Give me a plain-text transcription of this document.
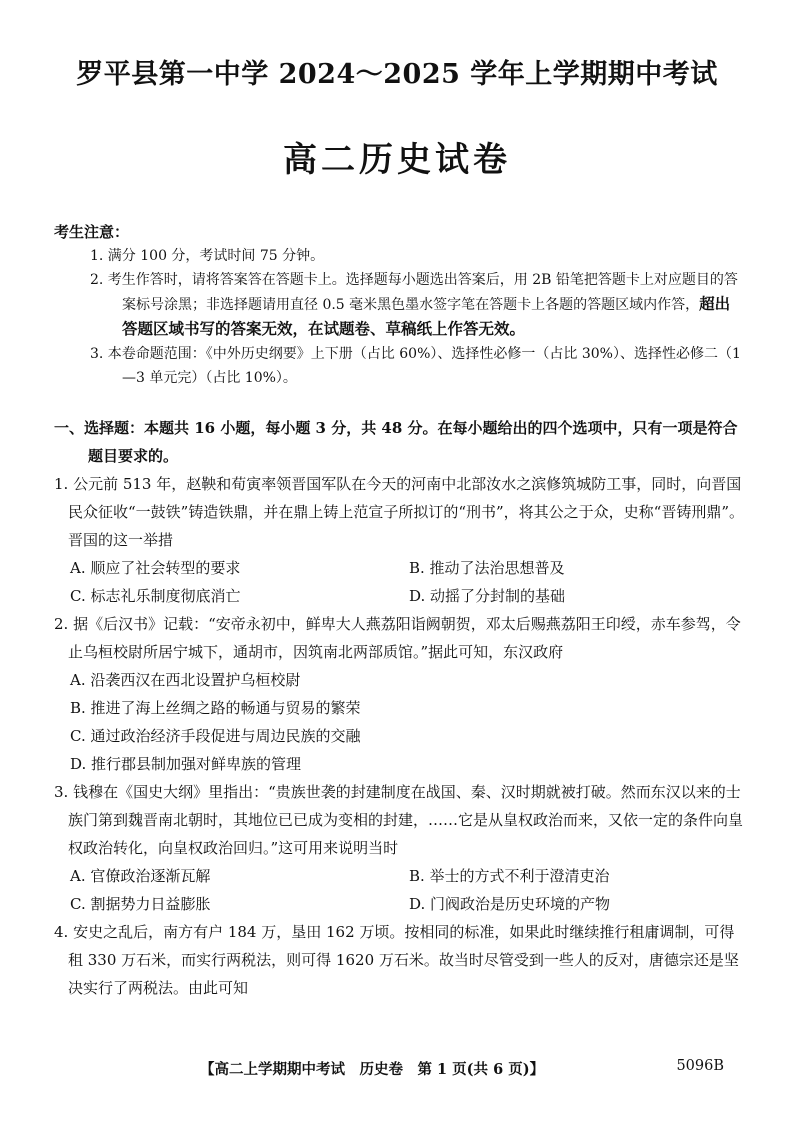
罗平县第一中学 2024～2025 学年上学期期中考试
高二历史试卷
考生注意：
1. 满分 100 分，考试时间 75 分钟。
2. 考生作答时，请将答案答在答题卡上。选择题每小题选出答案后，用 2B 铅笔把答题卡上对应题目的答案标号涂黑；非选择题请用直径 0.5 毫米黑色墨水签字笔在答题卡上各题的答题区域内作答，超出答题区域书写的答案无效，在试题卷、草稿纸上作答无效。
3. 本卷命题范围：《中外历史纲要》上下册（占比 60%）、选择性必修一（占比 30%）、选择性必修二（1—3 单元完）（占比 10%）。
一、选择题：本题共 16 小题，每小题 3 分，共 48 分。在每小题给出的四个选项中，只有一项是符合题目要求的。
1. 公元前 513 年，赵鞅和荀寅率领晋国军队在今天的河南中北部汝水之滨修筑城防工事，同时，向晋国民众征收“一鼓铁”铸造铁鼎，并在鼎上铸上范宣子所拟订的“刑书”，将其公之于众，史称“晋铸刑鼎”。晋国的这一举措
A. 顺应了社会转型的要求	B. 推动了法治思想普及
C. 标志礼乐制度彻底消亡	D. 动摇了分封制的基础
2. 据《后汉书》记载：“安帝永初中，鲜卑大人燕荔阳诣阙朝贺，邓太后赐燕荔阳王印绶，赤车参驾，令止乌桓校尉所居宁城下，通胡市，因筑南北两部质馆。”据此可知，东汉政府
A. 沿袭西汉在西北设置护乌桓校尉
B. 推进了海上丝绸之路的畅通与贸易的繁荣
C. 通过政治经济手段促进与周边民族的交融
D. 推行郡县制加强对鲜卑族的管理
3. 钱穆在《国史大纲》里指出：“贵族世袭的封建制度在战国、秦、汉时期就被打破。然而东汉以来的士族门第到魏晋南北朝时，其地位已已成为变相的封建，……它是从皇权政治而来，又依一定的条件向皇权政治转化，向皇权政治回归。”这可用来说明当时
A. 官僚政治逐渐瓦解	B. 举士的方式不利于澄清吏治
C. 割据势力日益膨胀	D. 门阀政治是历史环境的产物
4. 安史之乱后，南方有户 184 万，垦田 162 万顷。按相同的标准，如果此时继续推行租庸调制，可得租 330 万石米，而实行两税法，则可得 1620 万石米。故当时尽管受到一些人的反对，唐德宗还是坚决实行了两税法。由此可知
【高二上学期期中考试　历史卷　第 1 页(共 6 页)】	5096B
